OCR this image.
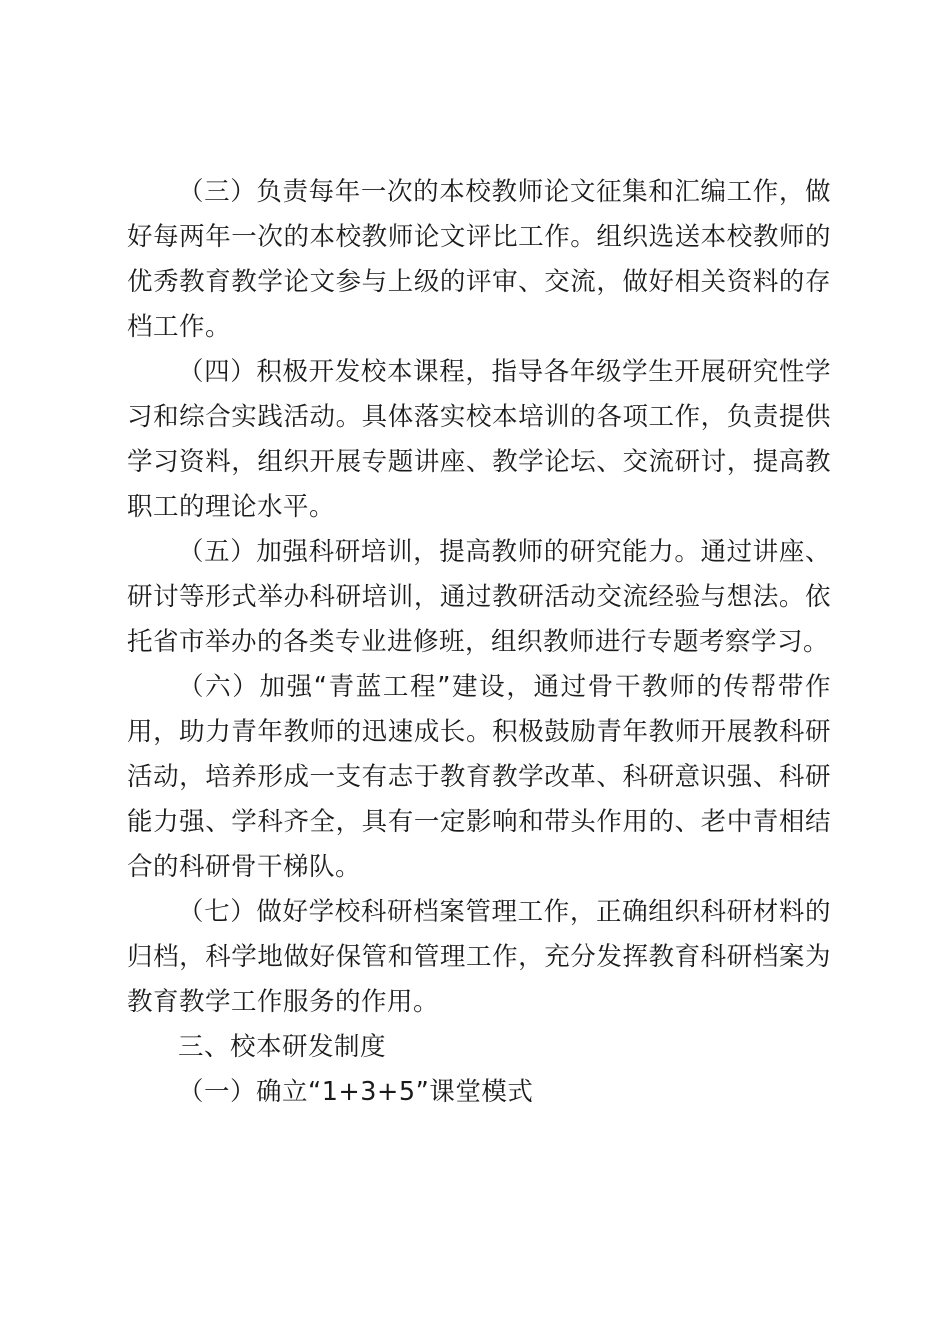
（三）负责每年一次的本校教师论文征集和汇编工作，做好每两年一次的本校教师论文评比工作。组织选送本校教师的优秀教育教学论文参与上级的评审、交流，做好相关资料的存档工作。

（四）积极开发校本课程，指导各年级学生开展研究性学习和综合实践活动。具体落实校本培训的各项工作，负责提供学习资料，组织开展专题讲座、教学论坛、交流研讨，提高教职工的理论水平。

（五）加强科研培训，提高教师的研究能力。通过讲座、研讨等形式举办科研培训，通过教研活动交流经验与想法。依托省市举办的各类专业进修班，组织教师进行专题考察学习。

（六）加强“青蓝工程”建设，通过骨干教师的传帮带作用，助力青年教师的迅速成长。积极鼓励青年教师开展教科研活动，培养形成一支有志于教育教学改革、科研意识强、科研能力强、学科齐全，具有一定影响和带头作用的、老中青相结合的科研骨干梯队。

（七）做好学校科研档案管理工作，正确组织科研材料的归档，科学地做好保管和管理工作，充分发挥教育科研档案为教育教学工作服务的作用。

三、校本研发制度

（一）确立“1+3+5”课堂模式
